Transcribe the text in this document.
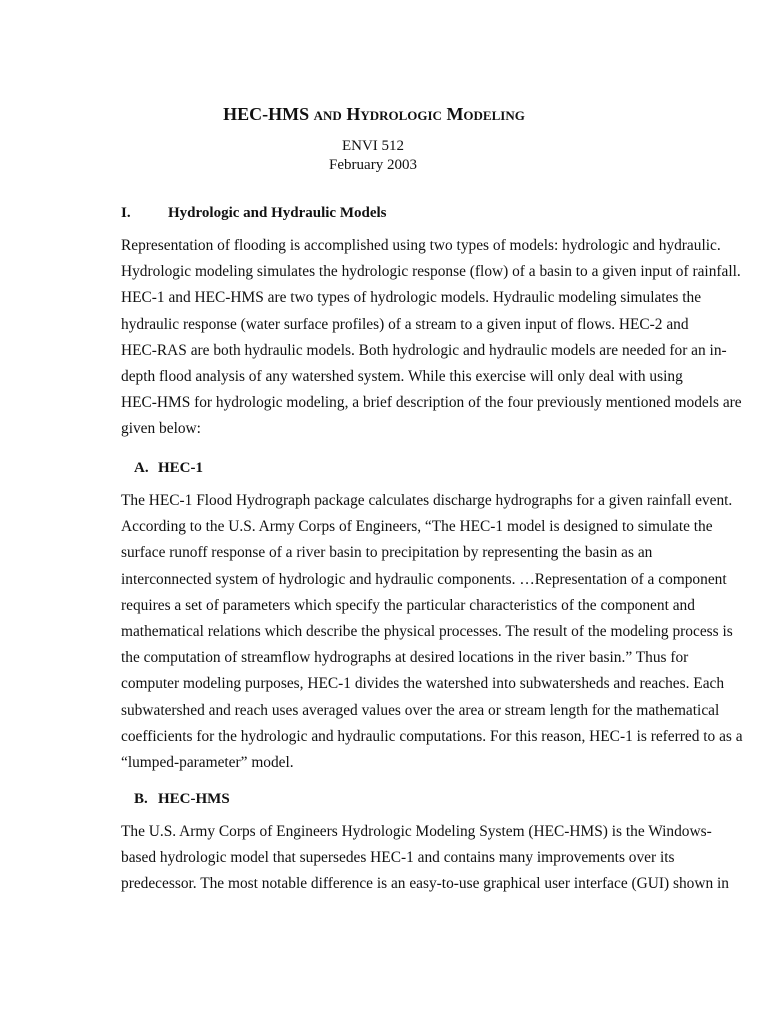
HEC-HMS and Hydrologic Modeling
ENVI 512
February 2003
I. Hydrologic and Hydraulic Models
Representation of flooding is accomplished using two types of models: hydrologic and hydraulic.
Hydrologic modeling simulates the hydrologic response (flow) of a basin to a given input of rainfall.
HEC-1 and HEC-HMS are two types of hydrologic models. Hydraulic modeling simulates the
hydraulic response (water surface profiles) of a stream to a given input of flows. HEC-2 and
HEC-RAS are both hydraulic models. Both hydrologic and hydraulic models are needed for an in-
depth flood analysis of any watershed system. While this exercise will only deal with using
HEC-HMS for hydrologic modeling, a brief description of the four previously mentioned models are
given below:
A. HEC-1
The HEC-1 Flood Hydrograph package calculates discharge hydrographs for a given rainfall event.
According to the U.S. Army Corps of Engineers, “The HEC-1 model is designed to simulate the
surface runoff response of a river basin to precipitation by representing the basin as an
interconnected system of hydrologic and hydraulic components. …Representation of a component
requires a set of parameters which specify the particular characteristics of the component and
mathematical relations which describe the physical processes. The result of the modeling process is
the computation of streamflow hydrographs at desired locations in the river basin.” Thus for
computer modeling purposes, HEC-1 divides the watershed into subwatersheds and reaches. Each
subwatershed and reach uses averaged values over the area or stream length for the mathematical
coefficients for the hydrologic and hydraulic computations. For this reason, HEC-1 is referred to as a
“lumped-parameter” model.
B. HEC-HMS
The U.S. Army Corps of Engineers Hydrologic Modeling System (HEC-HMS) is the Windows-
based hydrologic model that supersedes HEC-1 and contains many improvements over its
predecessor. The most notable difference is an easy-to-use graphical user interface (GUI) shown in
